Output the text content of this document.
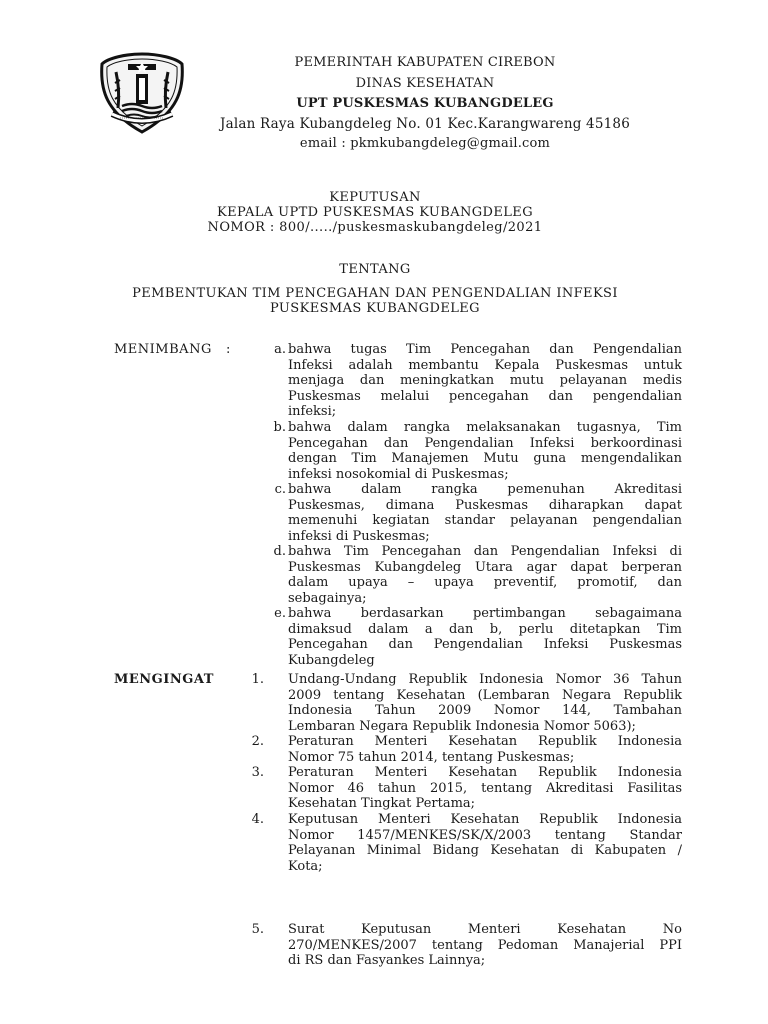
PEMERINTAH KABUPATEN CIREBON
DINAS KESEHATAN
UPT PUSKESMAS KUBANGDELEG
Jalan Raya Kubangdeleg No. 01 Kec.Karangwareng 45186
email : pkmkubangdeleg@gmail.com
KEPUTUSAN
KEPALA UPTD PUSKESMAS KUBANGDELEG
NOMOR : 800/...../puskesmaskubangdeleg/2021
TENTANG
PEMBENTUKAN TIM PENCEGAHAN DAN PENGENDALIAN INFEKSI
PUSKESMAS KUBANGDELEG
MENIMBANG :	a. bahwa tugas Tim Pencegahan dan Pengendalian
Infeksi adalah membantu Kepala Puskesmas untuk
menjaga dan meningkatkan mutu pelayanan medis
Puskesmas melalui pencegahan dan pengendalian
infeksi;
b. bahwa dalam rangka melaksanakan tugasnya, Tim
Pencegahan dan Pengendalian Infeksi berkoordinasi
dengan Tim Manajemen Mutu guna mengendalikan
infeksi nosokomial di Puskesmas;
c. bahwa dalam rangka pemenuhan Akreditasi
Puskesmas, dimana Puskesmas diharapkan dapat
memenuhi kegiatan standar pelayanan pengendalian
infeksi di Puskesmas;
d. bahwa Tim Pencegahan dan Pengendalian Infeksi di
Puskesmas Kubangdeleg Utara agar dapat berperan
dalam upaya – upaya preventif, promotif, dan
sebagainya;
e. bahwa berdasarkan pertimbangan sebagaimana
dimaksud dalam a dan b, perlu ditetapkan Tim
Pencegahan dan Pengendalian Infeksi Puskesmas
Kubangdeleg
MENGINGAT	1. Undang-Undang Republik Indonesia Nomor 36 Tahun
2009 tentang Kesehatan (Lembaran Negara Republik
Indonesia Tahun 2009 Nomor 144, Tambahan
Lembaran Negara Republik Indonesia Nomor 5063);
2. Peraturan Menteri Kesehatan Republik Indonesia
Nomor 75 tahun 2014, tentang Puskesmas;
3. Peraturan Menteri Kesehatan Republik Indonesia
Nomor 46 tahun 2015, tentang Akreditasi Fasilitas
Kesehatan Tingkat Pertama;
4. Keputusan Menteri Kesehatan Republik Indonesia
Nomor 1457/MENKES/SK/X/2003 tentang Standar
Pelayanan Minimal Bidang Kesehatan di Kabupaten /
Kota;
5. Surat Keputusan Menteri Kesehatan No
270/MENKES/2007 tentang Pedoman Manajerial PPI
di RS dan Fasyankes Lainnya;
